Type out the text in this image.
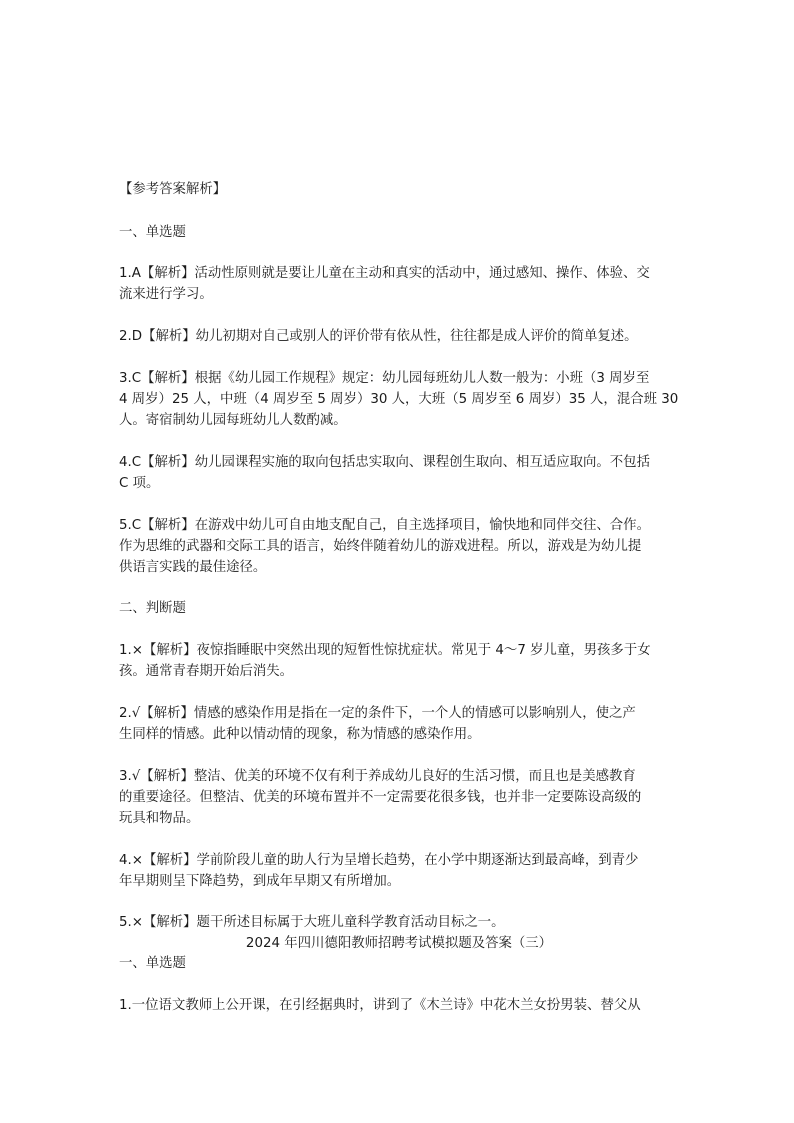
【参考答案解析】
一、单选题
1.A【解析】活动性原则就是要让儿童在主动和真实的活动中，通过感知、操作、体验、交
流来进行学习。
2.D【解析】幼儿初期对自己或别人的评价带有依从性，往往都是成人评价的简单复述。
3.C【解析】根据《幼儿园工作规程》规定：幼儿园每班幼儿人数一般为：小班（3 周岁至
4 周岁）25 人，中班（4 周岁至 5 周岁）30 人，大班（5 周岁至 6 周岁）35 人，混合班 30
人。寄宿制幼儿园每班幼儿人数酌减。
4.C【解析】幼儿园课程实施的取向包括忠实取向、课程创生取向、相互适应取向。不包括
C 项。
5.C【解析】在游戏中幼儿可自由地支配自己，自主选择项目，愉快地和同伴交往、合作。
作为思维的武器和交际工具的语言，始终伴随着幼儿的游戏进程。所以，游戏是为幼儿提
供语言实践的最佳途径。
二、判断题
1.×【解析】夜惊指睡眠中突然出现的短暂性惊扰症状。常见于 4～7 岁儿童，男孩多于女
孩。通常青春期开始后消失。
2.√【解析】情感的感染作用是指在一定的条件下，一个人的情感可以影响别人，使之产
生同样的情感。此种以情动情的现象，称为情感的感染作用。
3.√【解析】整洁、优美的环境不仅有利于养成幼儿良好的生活习惯，而且也是美感教育
的重要途径。但整洁、优美的环境布置并不一定需要花很多钱，也并非一定要陈设高级的
玩具和物品。
4.×【解析】学前阶段儿童的助人行为呈增长趋势，在小学中期逐渐达到最高峰，到青少
年早期则呈下降趋势，到成年早期又有所增加。
5.×【解析】题干所述目标属于大班儿童科学教育活动目标之一。
2024 年四川德阳教师招聘考试模拟题及答案（三）
一、单选题
1.一位语文教师上公开课，在引经据典时，讲到了《木兰诗》中花木兰女扮男装、替父从
